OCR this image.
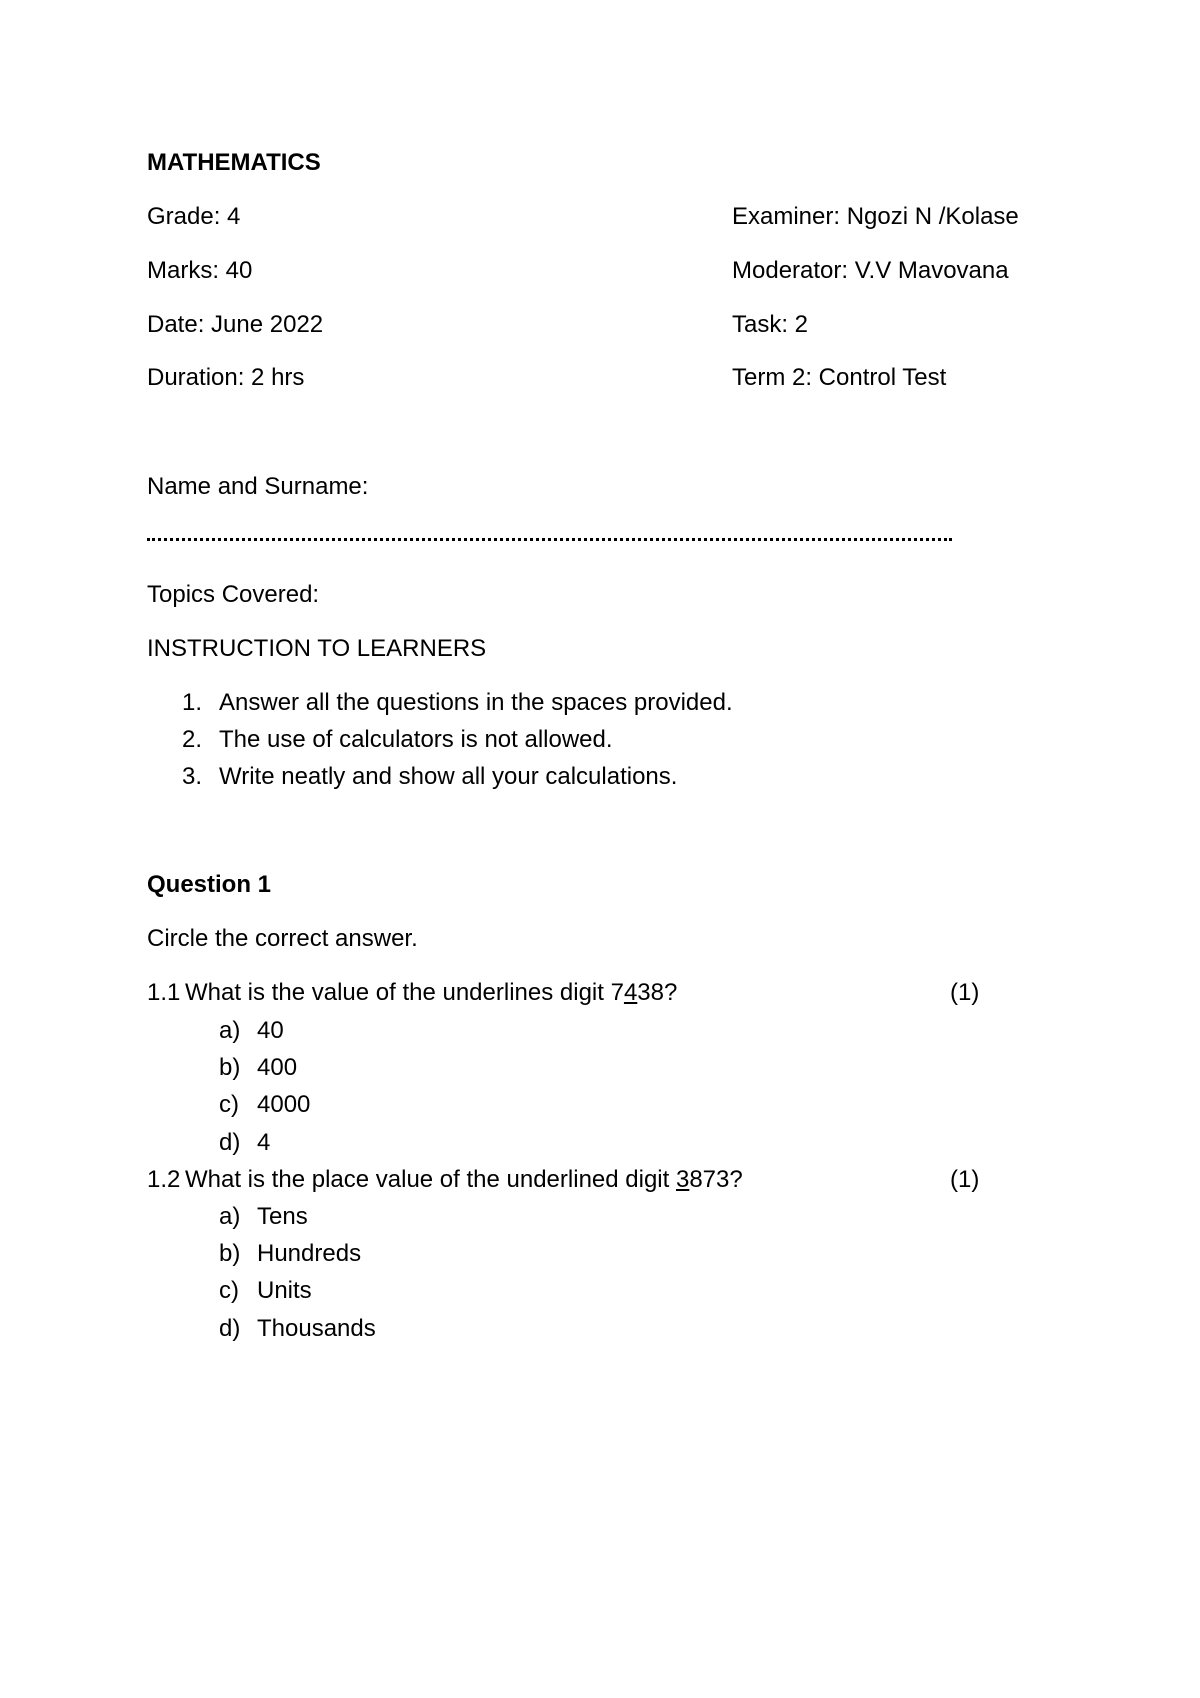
MATHEMATICS
Grade: 4	Examiner: Ngozi N /Kolase
Marks: 40	Moderator: V.V Mavovana
Date: June 2022	Task: 2
Duration: 2 hrs	Term 2: Control Test
Name and Surname:
Topics Covered:
INSTRUCTION TO LEARNERS
1. Answer all the questions in the spaces provided.
2. The use of calculators is not allowed.
3. Write neatly and show all your calculations.
Question 1
Circle the correct answer.
1.1 What is the value of the underlines digit 7438?	(1)
a) 40
b) 400
c) 4000
d) 4
1.2 What is the place value of the underlined digit 3873?	(1)
a) Tens
b) Hundreds
c) Units
d) Thousands
